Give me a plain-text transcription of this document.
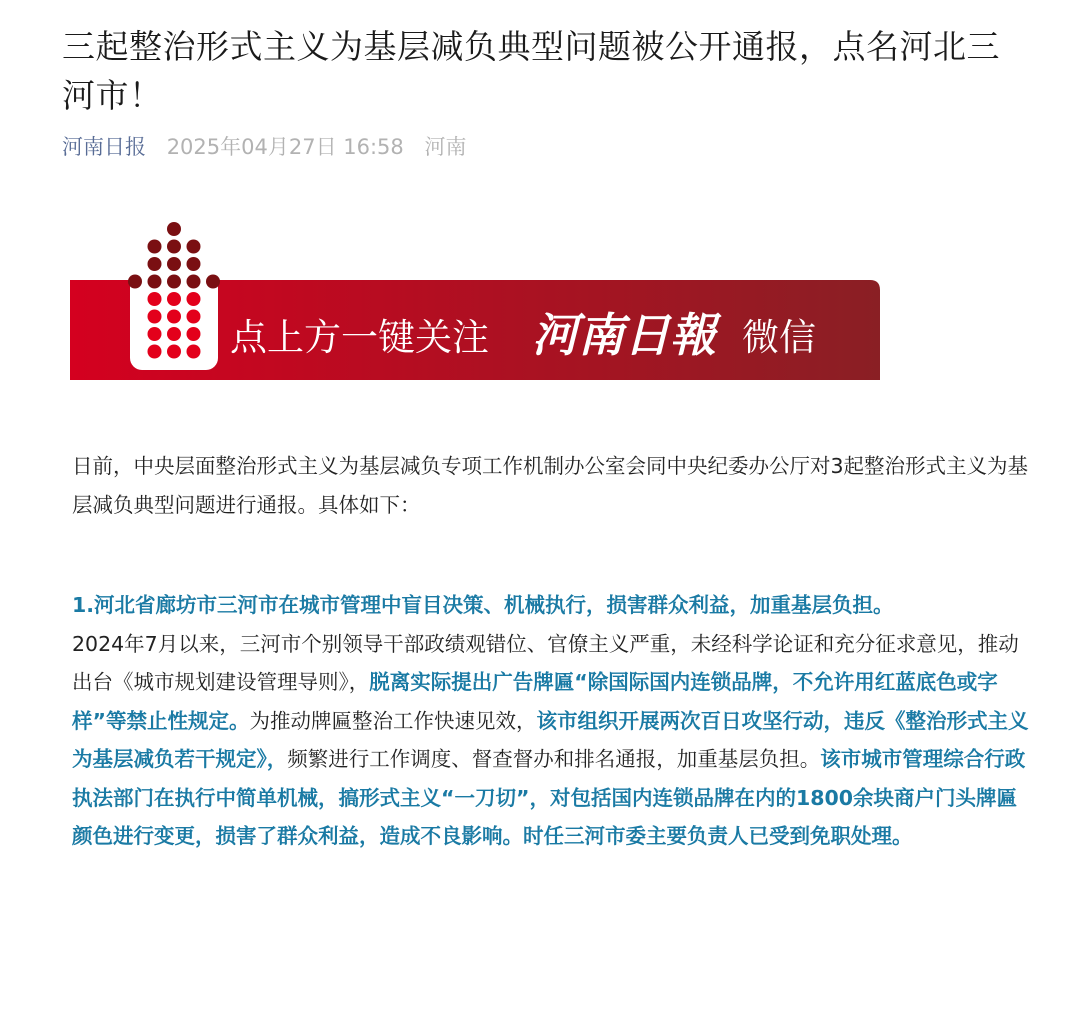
三起整治形式主义为基层减负典型问题被公开通报，点名河北三河市！
河南日报 2025年04月27日 16:58 河南
点上方一键关注 河南日報 微信

日前，中央层面整治形式主义为基层减负专项工作机制办公室会同中央纪委办公厅对3起整治形式主义为基层减负典型问题进行通报。具体如下：

1.河北省廊坊市三河市在城市管理中盲目决策、机械执行，损害群众利益，加重基层负担。

2024年7月以来，三河市个别领导干部政绩观错位、官僚主义严重，未经科学论证和充分征求意见，推动出台《城市规划建设管理导则》，脱离实际提出广告牌匾“除国际国内连锁品牌，不允许用红蓝底色或字样”等禁止性规定。为推动牌匾整治工作快速见效，该市组织开展两次百日攻坚行动，违反《整治形式主义为基层减负若干规定》，频繁进行工作调度、督查督办和排名通报，加重基层负担。该市城市管理综合行政执法部门在执行中简单机械，搞形式主义“一刀切”，对包括国内连锁品牌在内的1800余块商户门头牌匾颜色进行变更，损害了群众利益，造成不良影响。时任三河市委主要负责人已受到免职处理。
